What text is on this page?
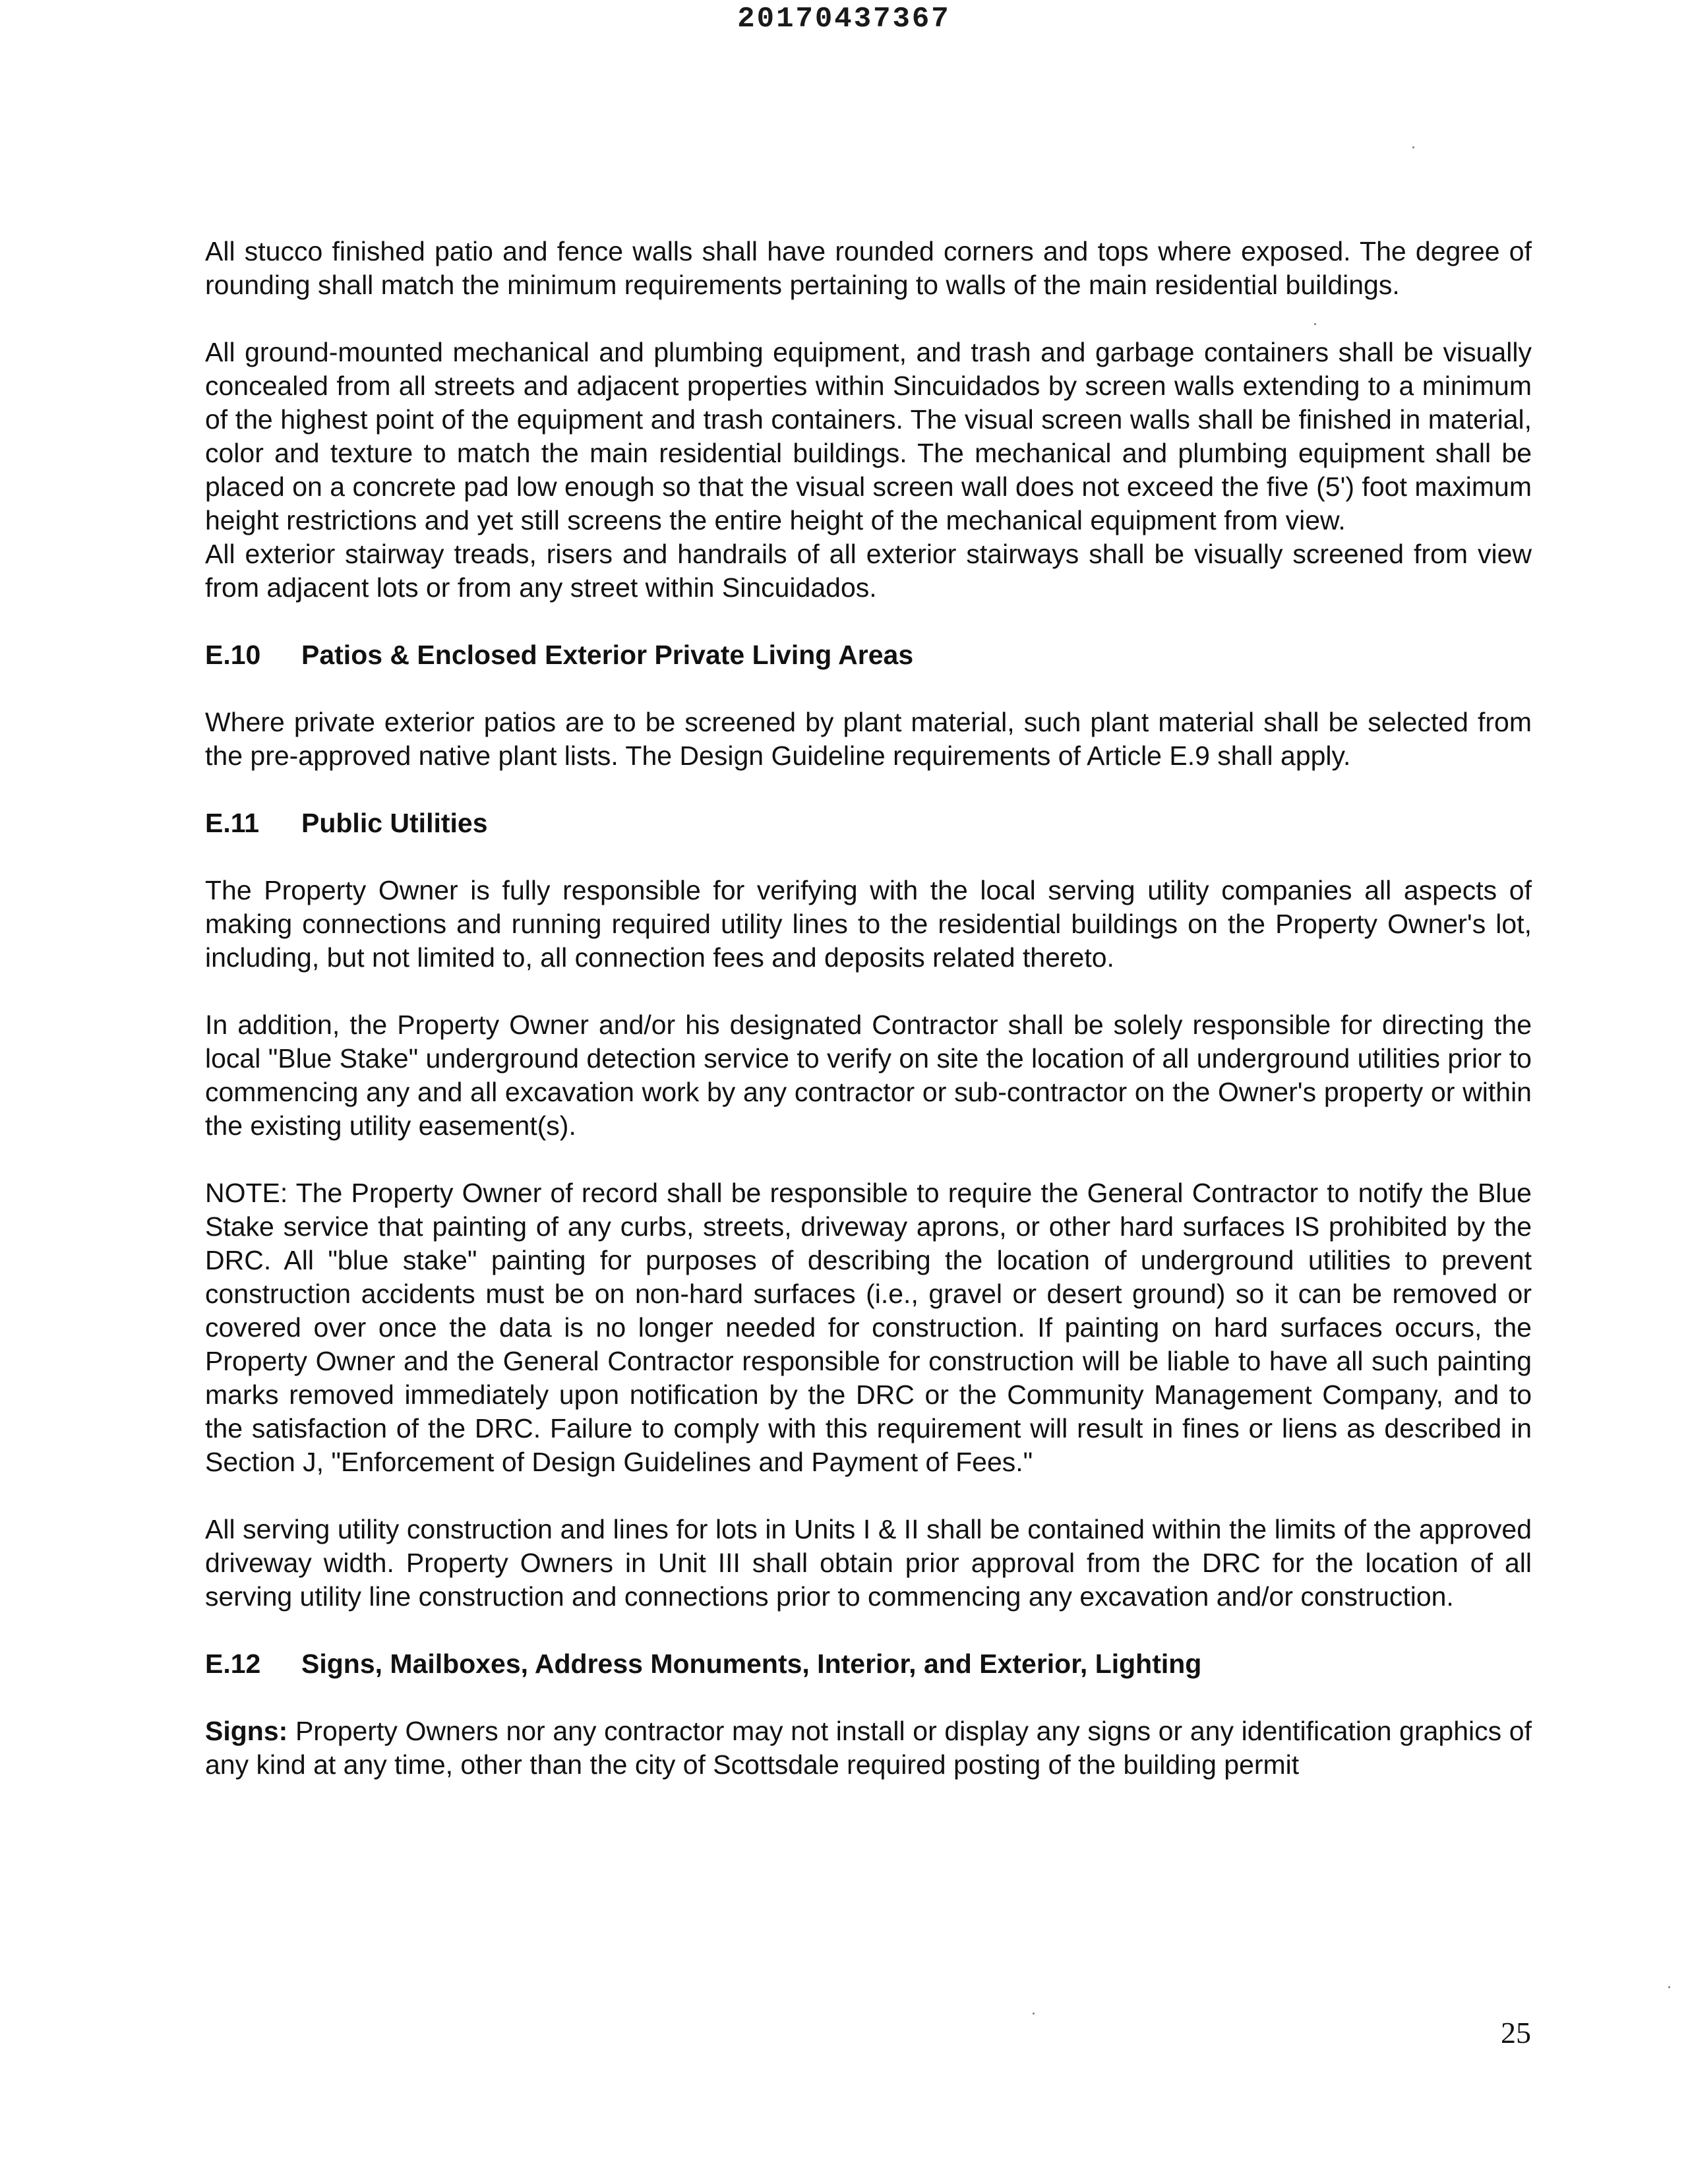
20170437367

All stucco finished patio and fence walls shall have rounded corners and tops where exposed. The degree of rounding shall match the minimum requirements pertaining to walls of the main residential buildings.

All ground-mounted mechanical and plumbing equipment, and trash and garbage containers shall be visually concealed from all streets and adjacent properties within Sincuidados by screen walls extending to a minimum of the highest point of the equipment and trash containers. The visual screen walls shall be finished in material, color and texture to match the main residential buildings. The mechanical and plumbing equipment shall be placed on a concrete pad low enough so that the visual screen wall does not exceed the five (5') foot maximum height restrictions and yet still screens the entire height of the mechanical equipment from view.

All exterior stairway treads, risers and handrails of all exterior stairways shall be visually screened from view from adjacent lots or from any street within Sincuidados.

E.10 Patios & Enclosed Exterior Private Living Areas

Where private exterior patios are to be screened by plant material, such plant material shall be selected from the pre-approved native plant lists. The Design Guideline requirements of Article E.9 shall apply.

E.11 Public Utilities

The Property Owner is fully responsible for verifying with the local serving utility companies all aspects of making connections and running required utility lines to the residential buildings on the Property Owner's lot, including, but not limited to, all connection fees and deposits related thereto.

In addition, the Property Owner and/or his designated Contractor shall be solely responsible for directing the local "Blue Stake" underground detection service to verify on site the location of all underground utilities prior to commencing any and all excavation work by any contractor or sub-contractor on the Owner's property or within the existing utility easement(s).

NOTE: The Property Owner of record shall be responsible to require the General Contractor to notify the Blue Stake service that painting of any curbs, streets, driveway aprons, or other hard surfaces IS prohibited by the DRC. All "blue stake" painting for purposes of describing the location of underground utilities to prevent construction accidents must be on non-hard surfaces (i.e., gravel or desert ground) so it can be removed or covered over once the data is no longer needed for construction. If painting on hard surfaces occurs, the Property Owner and the General Contractor responsible for construction will be liable to have all such painting marks removed immediately upon notification by the DRC or the Community Management Company, and to the satisfaction of the DRC. Failure to comply with this requirement will result in fines or liens as described in Section J, "Enforcement of Design Guidelines and Payment of Fees."

All serving utility construction and lines for lots in Units I & II shall be contained within the limits of the approved driveway width. Property Owners in Unit III shall obtain prior approval from the DRC for the location of all serving utility line construction and connections prior to commencing any excavation and/or construction.

E.12 Signs, Mailboxes, Address Monuments, Interior, and Exterior, Lighting

Signs: Property Owners nor any contractor may not install or display any signs or any identification graphics of any kind at any time, other than the city of Scottsdale required posting of the building permit

25
